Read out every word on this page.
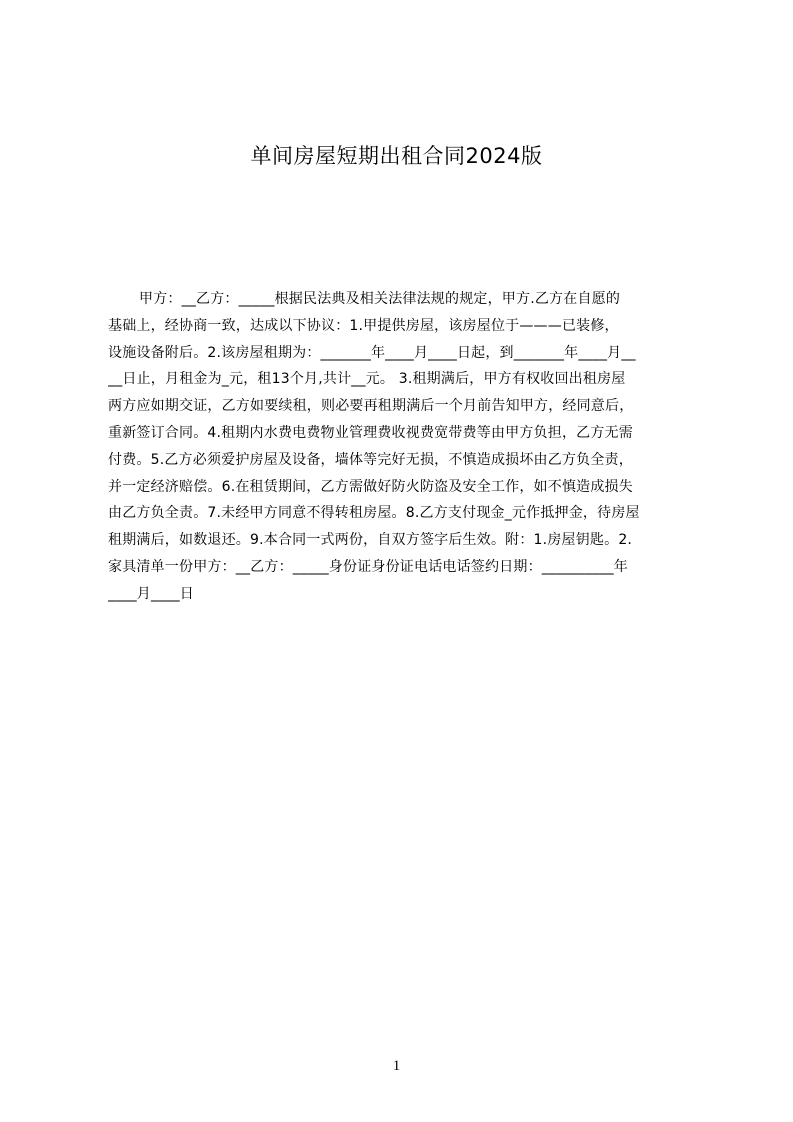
单间房屋短期出租合同2024版
甲方：__乙方：_____根据民法典及相关法律法规的规定，甲方.乙方在自愿的
基础上，经协商一致，达成以下协议：1.甲提供房屋，该房屋位于———已装修，
设施设备附后。2.该房屋租期为：_______年____月____日起，到_______年____月__
__日止，月租金为_元，租13个月,共计__元。 3.租期满后，甲方有权收回出租房屋
两方应如期交证，乙方如要续租，则必要再租期满后一个月前告知甲方，经同意后，
重新签订合同。4.租期内水费电费物业管理费收视费宽带费等由甲方负担，乙方无需
付费。5.乙方必须爱护房屋及设备，墙体等完好无损，不慎造成损坏由乙方负全责，
并一定经济赔偿。6.在租赁期间，乙方需做好防火防盗及安全工作，如不慎造成损失
由乙方负全责。7.未经甲方同意不得转租房屋。8.乙方支付现金_元作抵押金，待房屋
租期满后，如数退还。9.本合同一式两份，自双方签字后生效。附：1.房屋钥匙。2.
家具清单一份甲方：__乙方：_____身份证身份证电话电话签约日期：__________年
____月____日
1
